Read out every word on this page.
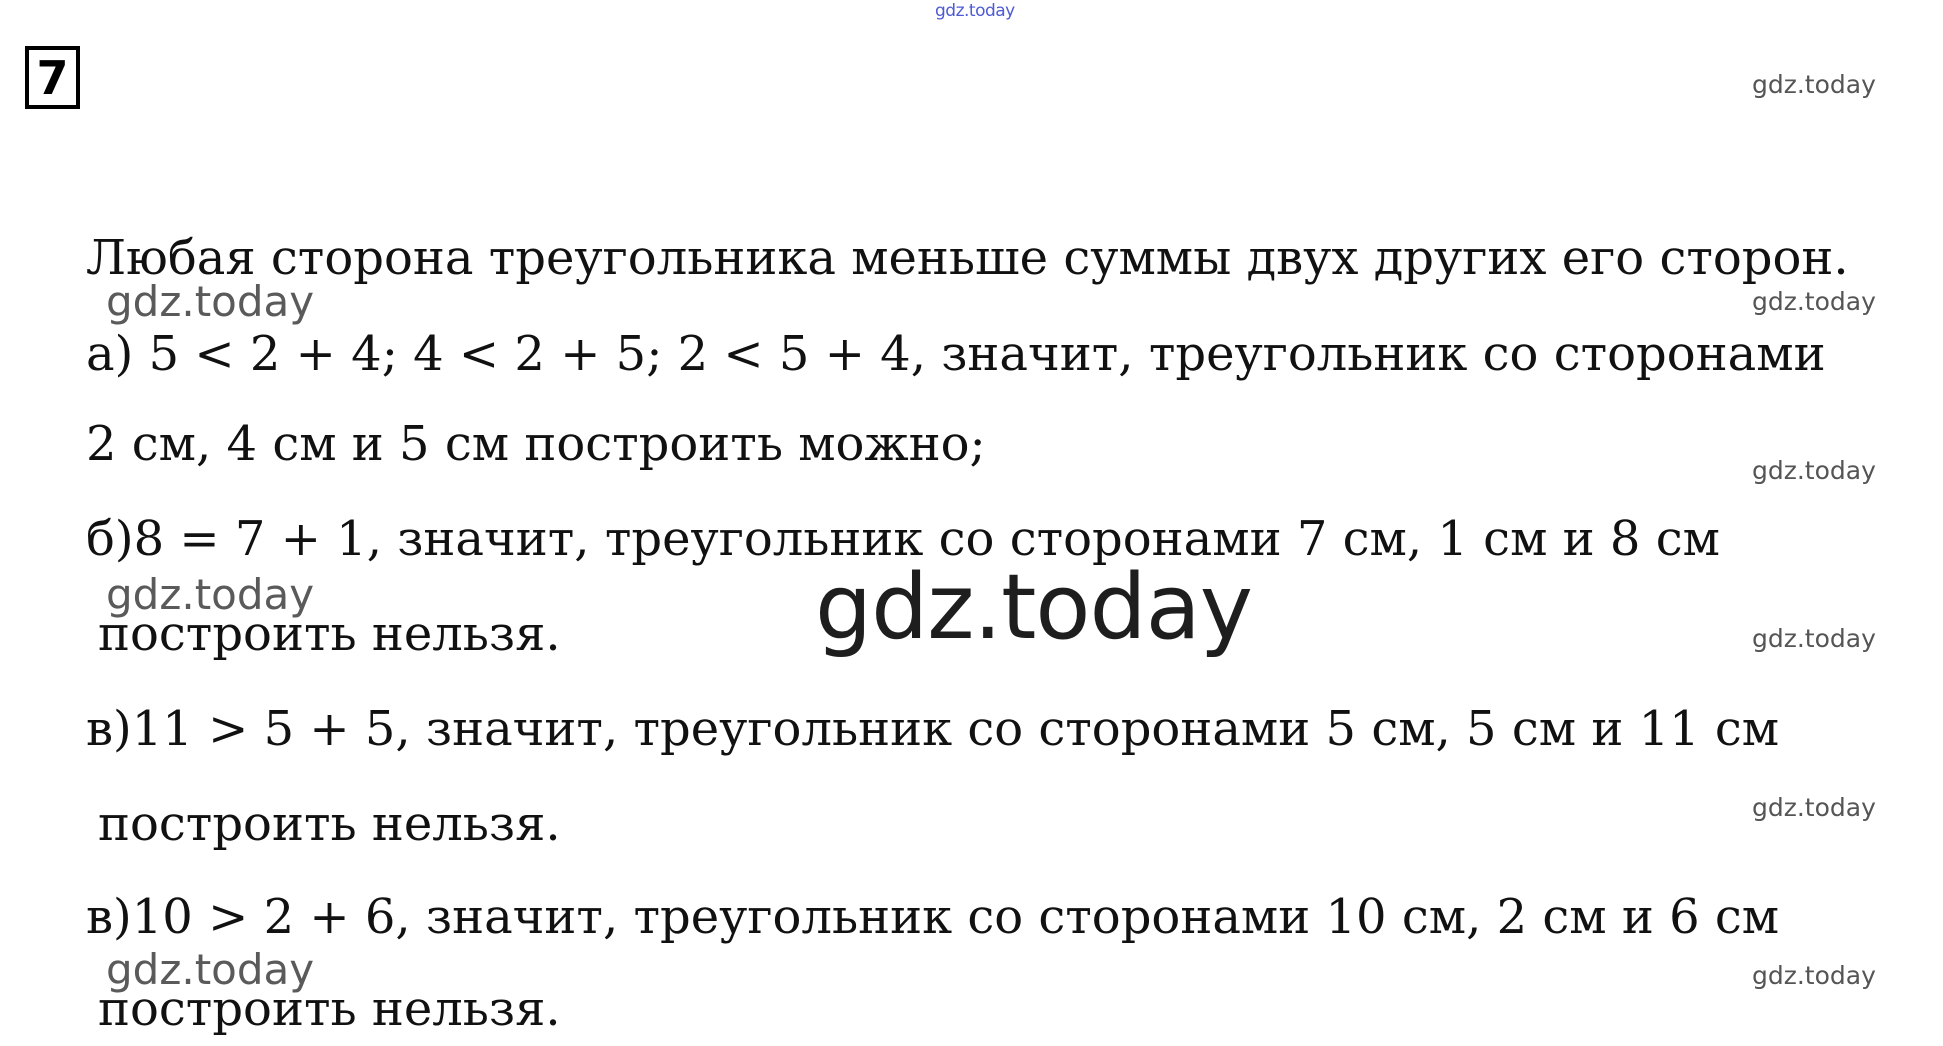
gdz.today
7	gdz.today
gdz.today
gdz.today
gdz.today
gdz.today
gdz.today
gdz.today
gdz.today
gdz.today
Любая сторона треугольника меньше суммы двух других его сторон.
а) 5 < 2 + 4; 4 < 2 + 5; 2 < 5 + 4, значит, треугольник со сторонами
2 см, 4 см и 5 см построить можно;
б)8 = 7 + 1, значит, треугольник со сторонами 7 см, 1 см и 8 см
построить нельзя.
в)11 > 5 + 5, значит, треугольник со сторонами 5 см, 5 см и 11 см
построить нельзя.
в)10 > 2 + 6, значит, треугольник со сторонами 10 см, 2 см и 6 см
построить нельзя.
gdz.today
